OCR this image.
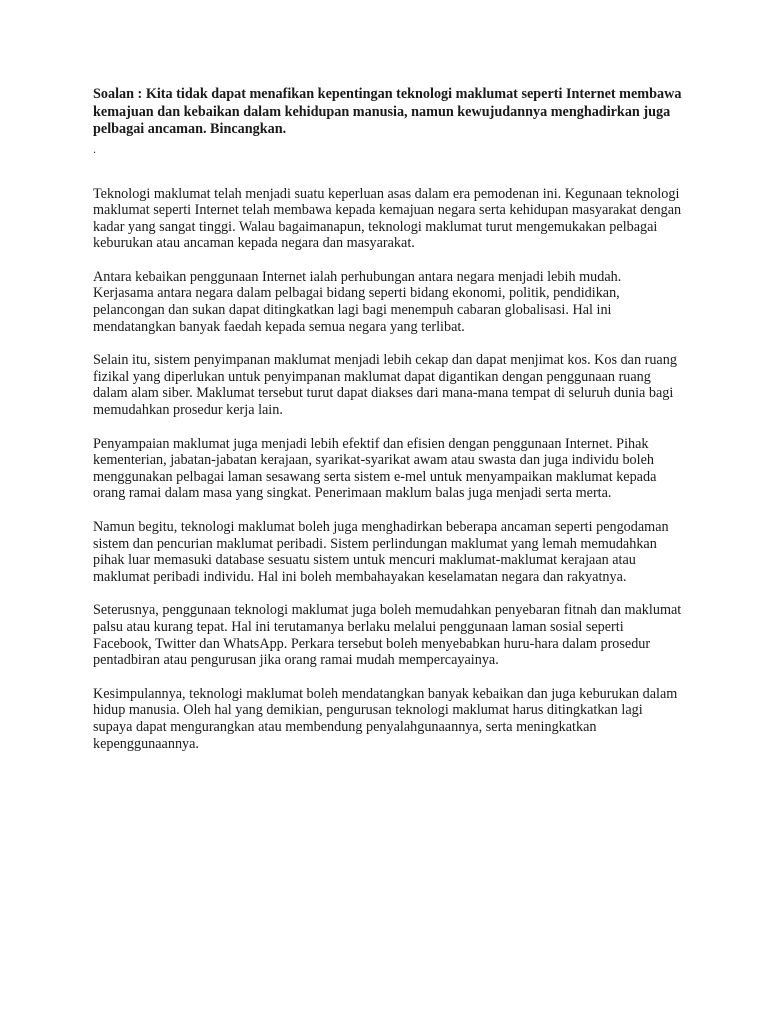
Soalan : Kita tidak dapat menafikan kepentingan teknologi maklumat seperti Internet membawa kemajuan dan kebaikan dalam kehidupan manusia, namun kewujudannya menghadirkan juga pelbagai ancaman. Bincangkan.

.

Teknologi maklumat telah menjadi suatu keperluan asas dalam era pemodenan ini. Kegunaan teknologi maklumat seperti Internet telah membawa kepada kemajuan negara serta kehidupan masyarakat dengan kadar yang sangat tinggi. Walau bagaimanapun, teknologi maklumat turut mengemukakan pelbagai keburukan atau ancaman kepada negara dan masyarakat.

Antara kebaikan penggunaan Internet ialah perhubungan antara negara menjadi lebih mudah. Kerjasama antara negara dalam pelbagai bidang seperti bidang ekonomi, politik, pendidikan, pelancongan dan sukan dapat ditingkatkan lagi bagi menempuh cabaran globalisasi. Hal ini mendatangkan banyak faedah kepada semua negara yang terlibat.

Selain itu, sistem penyimpanan maklumat menjadi lebih cekap dan dapat menjimat kos. Kos dan ruang fizikal yang diperlukan untuk penyimpanan maklumat dapat digantikan dengan penggunaan ruang dalam alam siber. Maklumat tersebut turut dapat diakses dari mana-mana tempat di seluruh dunia bagi memudahkan prosedur kerja lain.

Penyampaian maklumat juga menjadi lebih efektif dan efisien dengan penggunaan Internet. Pihak kementerian, jabatan-jabatan kerajaan, syarikat-syarikat awam atau swasta dan juga individu boleh menggunakan pelbagai laman sesawang serta sistem e-mel untuk menyampaikan maklumat kepada orang ramai dalam masa yang singkat. Penerimaan maklum balas juga menjadi serta merta.

Namun begitu, teknologi maklumat boleh juga menghadirkan beberapa ancaman seperti pengodaman sistem dan pencurian maklumat peribadi. Sistem perlindungan maklumat yang lemah memudahkan pihak luar memasuki database sesuatu sistem untuk mencuri maklumat-maklumat kerajaan atau maklumat peribadi individu. Hal ini boleh membahayakan keselamatan negara dan rakyatnya.

Seterusnya, penggunaan teknologi maklumat juga boleh memudahkan penyebaran fitnah dan maklumat palsu atau kurang tepat. Hal ini terutamanya berlaku melalui penggunaan laman sosial seperti Facebook, Twitter dan WhatsApp. Perkara tersebut boleh menyebabkan huru-hara dalam prosedur pentadbiran atau pengurusan jika orang ramai mudah mempercayainya.

Kesimpulannya, teknologi maklumat boleh mendatangkan banyak kebaikan dan juga keburukan dalam hidup manusia. Oleh hal yang demikian, pengurusan teknologi maklumat harus ditingkatkan lagi supaya dapat mengurangkan atau membendung penyalahgunaannya, serta meningkatkan kepenggunaannya.
